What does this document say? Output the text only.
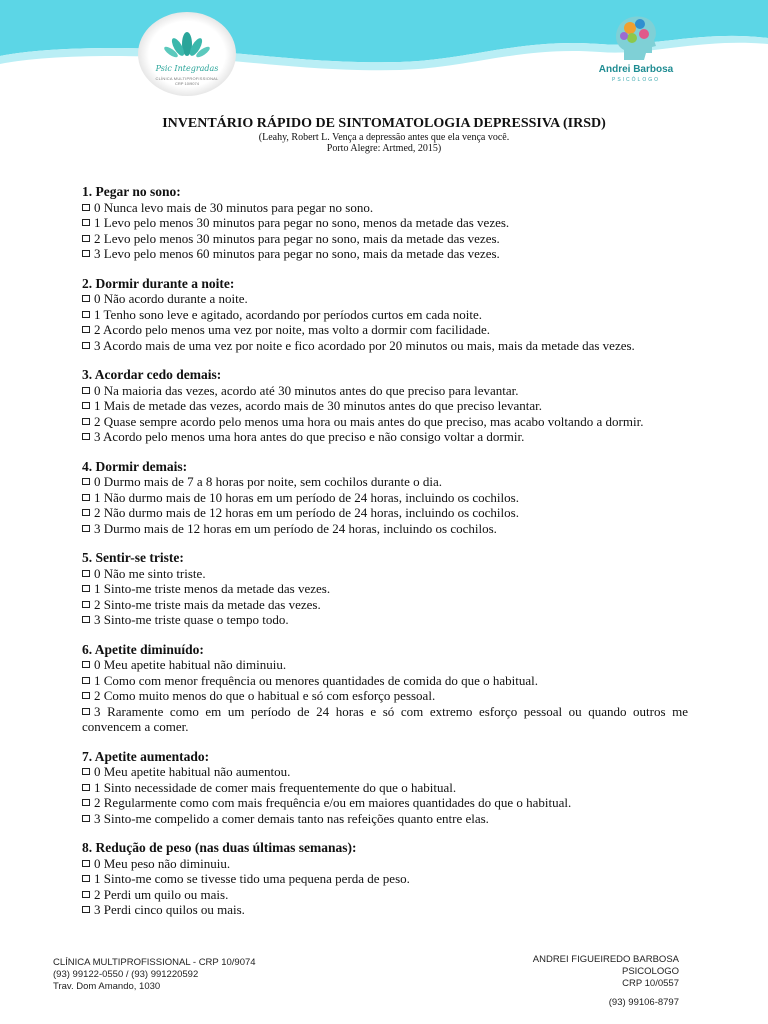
Psic Integradas
CLÍNICA MULTIPROFISSIONAL
CRP 10/9074
Andrei Barbosa
PSICÓLOGO
INVENTÁRIO RÁPIDO DE SINTOMATOLOGIA DEPRESSIVA (IRSD)
(Leahy, Robert L. Vença a depressão antes que ela vença você.
Porto Alegre: Artmed, 2015)
1. Pegar no sono:
0 Nunca levo mais de 30 minutos para pegar no sono.
1 Levo pelo menos 30 minutos para pegar no sono, menos da metade das vezes.
2 Levo pelo menos 30 minutos para pegar no sono, mais da metade das vezes.
3 Levo pelo menos 60 minutos para pegar no sono, mais da metade das vezes.
2. Dormir durante a noite:
0 Não acordo durante a noite.
1 Tenho sono leve e agitado, acordando por períodos curtos em cada noite.
2 Acordo pelo menos uma vez por noite, mas volto a dormir com facilidade.
3 Acordo mais de uma vez por noite e fico acordado por 20 minutos ou mais, mais da metade das vezes.
3. Acordar cedo demais:
0 Na maioria das vezes, acordo até 30 minutos antes do que preciso para levantar.
1 Mais de metade das vezes, acordo mais de 30 minutos antes do que preciso levantar.
2 Quase sempre acordo pelo menos uma hora ou mais antes do que preciso, mas acabo voltando a dormir.
3 Acordo pelo menos uma hora antes do que preciso e não consigo voltar a dormir.
4. Dormir demais:
0 Durmo mais de 7 a 8 horas por noite, sem cochilos durante o dia.
1 Não durmo mais de 10 horas em um período de 24 horas, incluindo os cochilos.
2 Não durmo mais de 12 horas em um período de 24 horas, incluindo os cochilos.
3 Durmo mais de 12 horas em um período de 24 horas, incluindo os cochilos.
5. Sentir-se triste:
0 Não me sinto triste.
1 Sinto-me triste menos da metade das vezes.
2 Sinto-me triste mais da metade das vezes.
3 Sinto-me triste quase o tempo todo.
6. Apetite diminuído:
0 Meu apetite habitual não diminuiu.
1 Como com menor frequência ou menores quantidades de comida do que o habitual.
2 Como muito menos do que o habitual e só com esforço pessoal.
3 Raramente como em um período de 24 horas e só com extremo esforço pessoal ou quando outros me convencem a comer.
7. Apetite aumentado:
0 Meu apetite habitual não aumentou.
1 Sinto necessidade de comer mais frequentemente do que o habitual.
2 Regularmente como com mais frequência e/ou em maiores quantidades do que o habitual.
3 Sinto-me compelido a comer demais tanto nas refeições quanto entre elas.
8. Redução de peso (nas duas últimas semanas):
0 Meu peso não diminuiu.
1 Sinto-me como se tivesse tido uma pequena perda de peso.
2 Perdi um quilo ou mais.
3 Perdi cinco quilos ou mais.
CLÍNICA MULTIPROFISSIONAL - CRP 10/9074
(93) 99122-0550 / (93) 991220592
Trav. Dom Amando, 1030
ANDREI FIGUEIREDO BARBOSA
PSICOLOGO
CRP 10/0557
(93) 99106-8797
